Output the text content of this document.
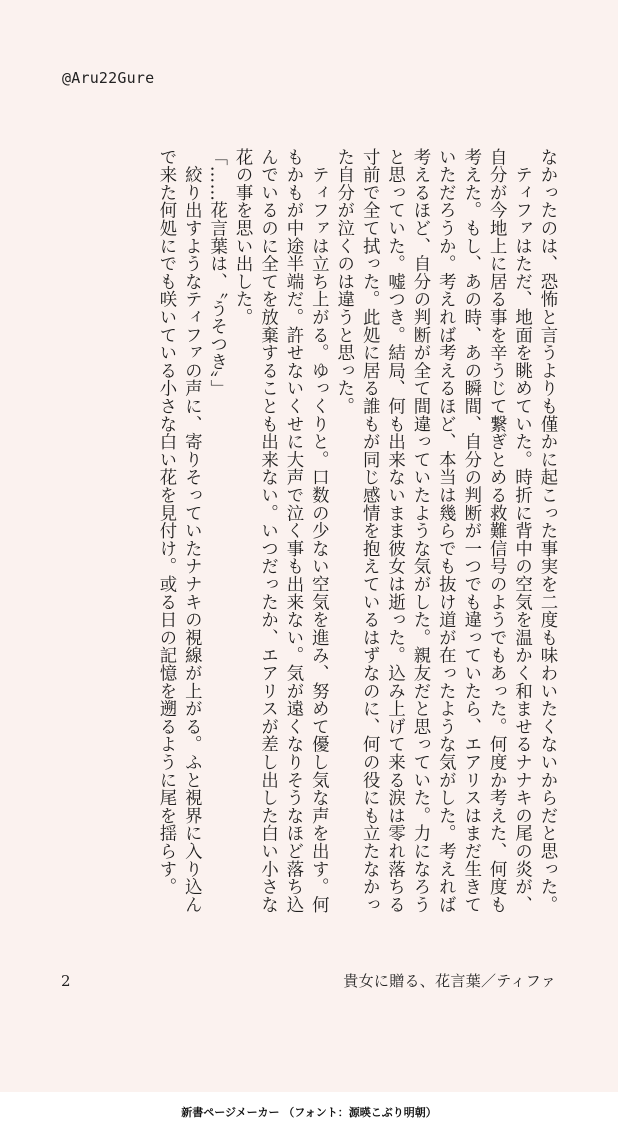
@Aru22Gure
なかったのは、恐怖と言うよりも僅かに起こった事実を二度も味わいたくないからだと思った。
　ティファはただ、地面を眺めていた。時折に背中の空気を温かく和ませるナナキの尾の炎が、自分が今地上に居る事を辛うじて繋ぎとめる救難信号のようでもあった。何度か考えた、何度も考えた。もし、あの時、あの瞬間、自分の判断が一つでも違っていたら、エアリスはまだ生きていただろうか。考えれば考えるほど、本当は幾らでも抜け道が在ったような気がした。考えれば考えるほど、自分の判断が全て間違っていたような気がした。親友だと思っていた。力になろうと思っていた。嘘つき。結局、何も出来ないまま彼女は逝った。込み上げて来る涙は零れ落ちる寸前で全て拭った。此処に居る誰もが同じ感情を抱えているはずなのに、何の役にも立たなかった自分が泣くのは違うと思った。
　ティファは立ち上がる。ゆっくりと。口数の少ない空気を進み、努めて優し気な声を出す。何もかもが中途半端だ。許せないくせに大声で泣く事も出来ない。気が遠くなりそうなほど落ち込んでいるのに全てを放棄することも出来ない。いつだったか、エアリスが差し出した白い小さな花の事を思い出した。
「……花言葉は、〝うそつき〟」
　絞り出すようなティファの声に、寄りそっていたナナキの視線が上がる。ふと視界に入り込んで来た何処にでも咲いている小さな白い花を見付け。或る日の記憶を遡るように尾を揺らす。
2	貴女に贈る、花言葉／ティファ
新書ページメーカー （フォント：源暎こぶり明朝）
